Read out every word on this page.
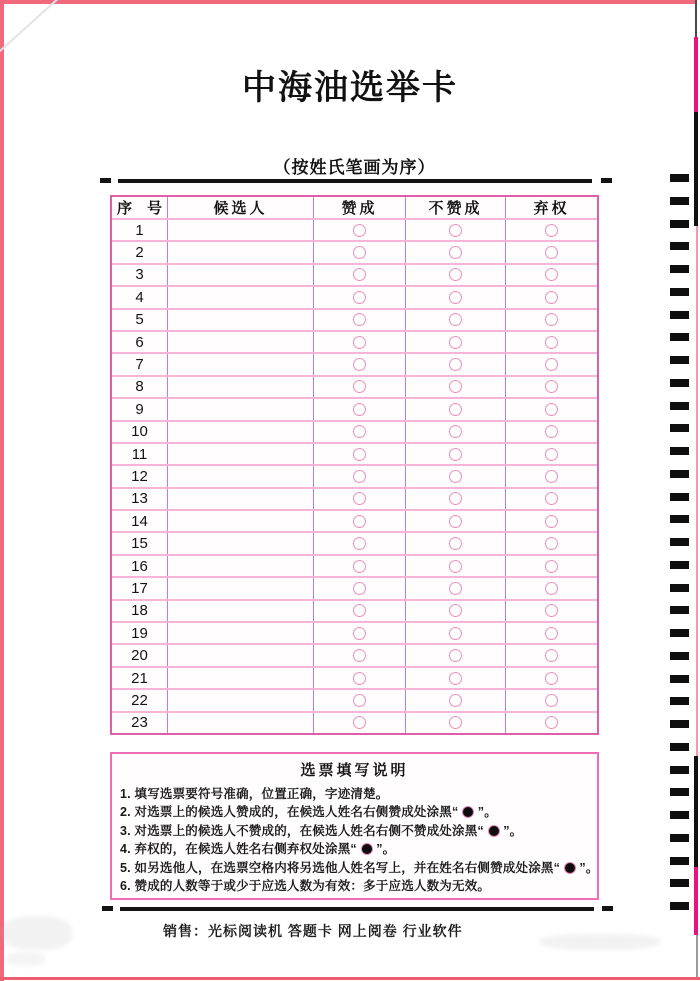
中海油选举卡
（按姓氏笔画为序）
序　号	候选人	赞成	不赞成	弃权
1
2
3
4
5
6
7
8
9
10
11
12
13
14
15
16
17
18
19
20
21
22
23
选票填写说明
1. 填写选票要符号准确，位置正确，字迹清楚。
2. 对选票上的候选人赞成的，在候选人姓名右侧赞成处涂黑“  ”。
3. 对选票上的候选人不赞成的，在候选人姓名右侧不赞成处涂黑“  ”。
4. 弃权的，在候选人姓名右侧弃权处涂黑“  ”。
5. 如另选他人，在选票空格内将另选他人姓名写上，并在姓名右侧赞成处涂黑“  ”。
6. 赞成的人数等于或少于应选人数为有效：多于应选人数为无效。
销售：光标阅读机 答题卡 网上阅卷 行业软件
